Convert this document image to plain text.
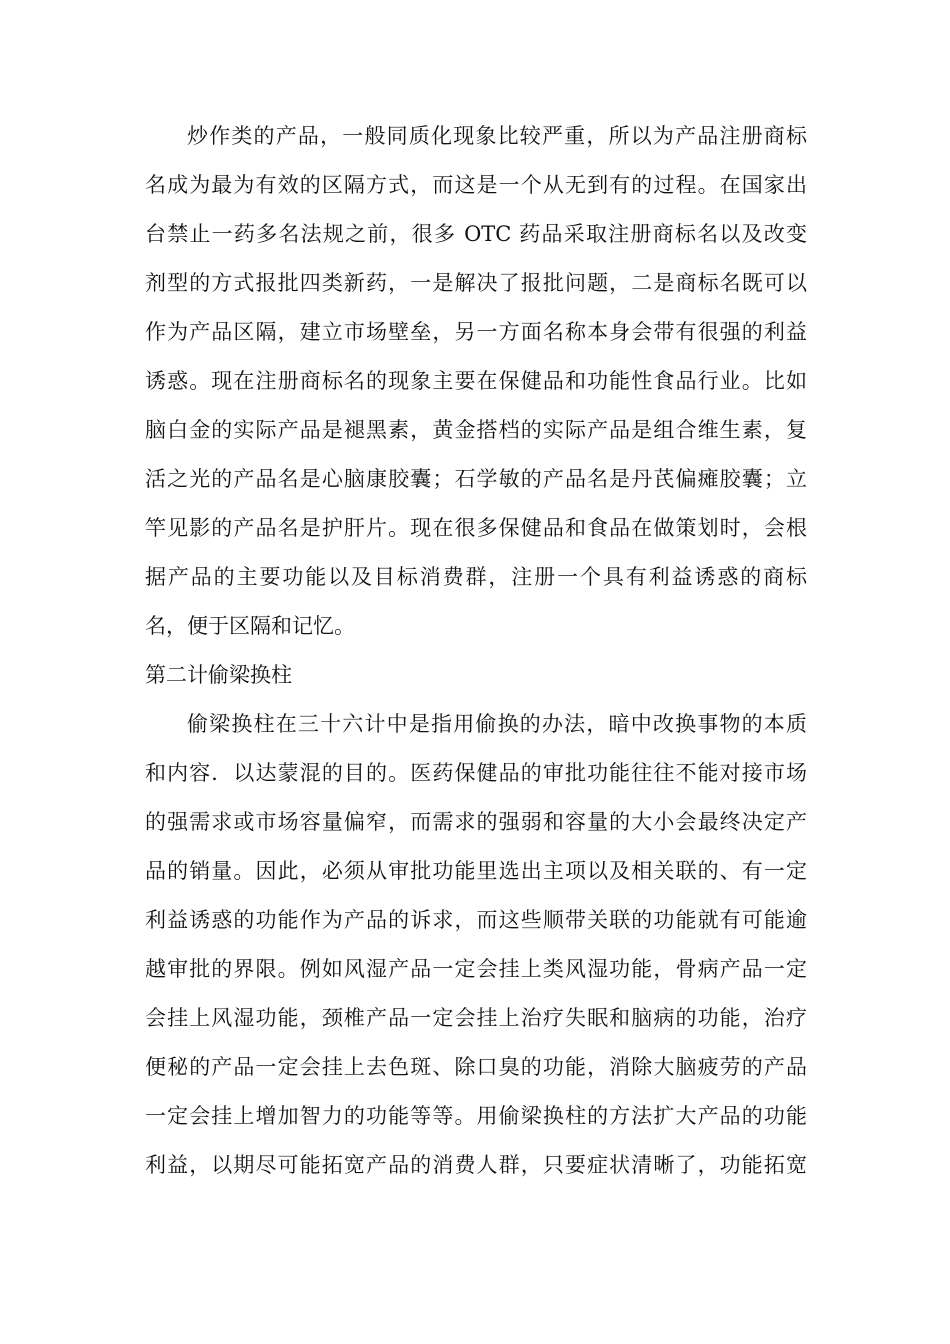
炒作类的产品，一般同质化现象比较严重，所以为产品注册商标
名成为最为有效的区隔方式，而这是一个从无到有的过程。在国家出
台禁止一药多名法规之前，很多 OTC 药品采取注册商标名以及改变
剂型的方式报批四类新药，一是解决了报批问题，二是商标名既可以
作为产品区隔，建立市场壁垒，另一方面名称本身会带有很强的利益
诱惑。现在注册商标名的现象主要在保健品和功能性食品行业。比如
脑白金的实际产品是褪黑素，黄金搭档的实际产品是组合维生素，复
活之光的产品名是心脑康胶囊；石学敏的产品名是丹芪偏瘫胶囊；立
竿见影的产品名是护肝片。现在很多保健品和食品在做策划时，会根
据产品的主要功能以及目标消费群，注册一个具有利益诱惑的商标
名，便于区隔和记忆。
第二计偷梁换柱
偷梁换柱在三十六计中是指用偷换的办法，暗中改换事物的本质
和内容．以达蒙混的目的。医药保健品的审批功能往往不能对接市场
的强需求或市场容量偏窄，而需求的强弱和容量的大小会最终决定产
品的销量。因此，必须从审批功能里选出主项以及相关联的、有一定
利益诱惑的功能作为产品的诉求，而这些顺带关联的功能就有可能逾
越审批的界限。例如风湿产品一定会挂上类风湿功能，骨病产品一定
会挂上风湿功能，颈椎产品一定会挂上治疗失眠和脑病的功能，治疗
便秘的产品一定会挂上去色斑、除口臭的功能，消除大脑疲劳的产品
一定会挂上增加智力的功能等等。用偷梁换柱的方法扩大产品的功能
利益，以期尽可能拓宽产品的消费人群，只要症状清晰了，功能拓宽
